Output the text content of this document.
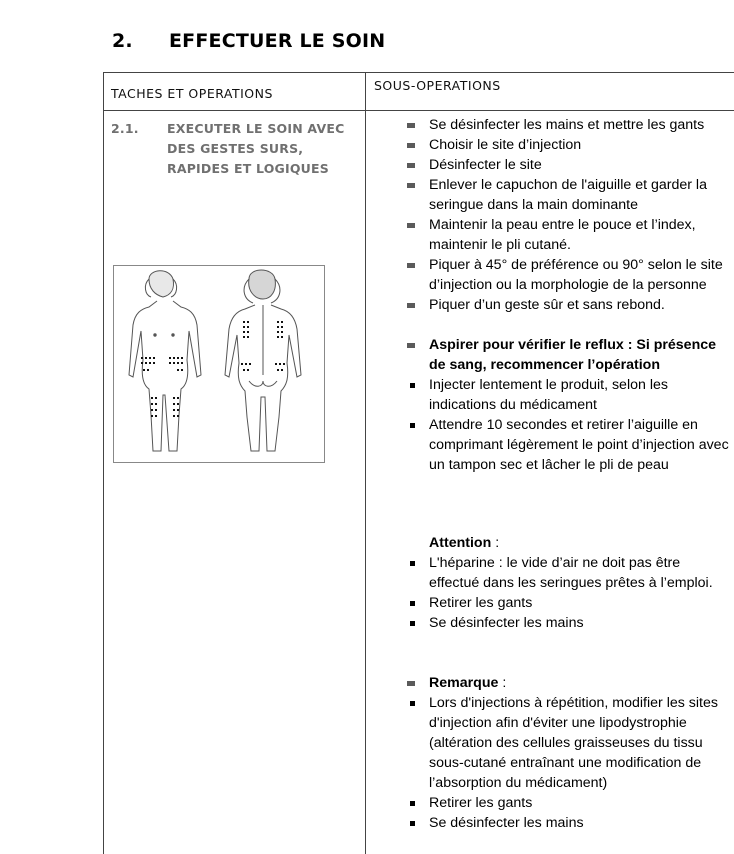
2. EFFECTUER LE SOIN
TACHES ET OPERATIONS
SOUS-OPERATIONS
2.1. EXECUTER LE SOIN AVEC DES GESTES SURS, RAPIDES ET LOGIQUES
Se désinfecter les mains et mettre les gants
Choisir le site d’injection
Désinfecter le site
Enlever le capuchon de l'aiguille et garder la seringue dans la main dominante
Maintenir la peau entre le pouce et l’index, maintenir le pli cutané.
Piquer à 45° de préférence ou 90° selon le site d’injection ou la morphologie de la personne
Piquer d’un geste sûr et sans rebond.
Aspirer pour vérifier le reflux : Si présence de sang, recommencer l’opération
Injecter lentement le produit, selon les indications du médicament
Attendre 10 secondes et retirer l’aiguille en comprimant légèrement le point d’injection avec un tampon sec et lâcher le pli de peau
Attention :
L'héparine : le vide d’air ne doit pas être effectué dans les seringues prêtes à l’emploi.
Retirer les gants
Se désinfecter les mains
Remarque :
Lors d'injections à répétition, modifier les sites d'injection afin d'éviter une lipodystrophie (altération des cellules graisseuses du tissu sous-cutané entraînant une modification de l’absorption du médicament)
Retirer les gants
Se désinfecter les mains
